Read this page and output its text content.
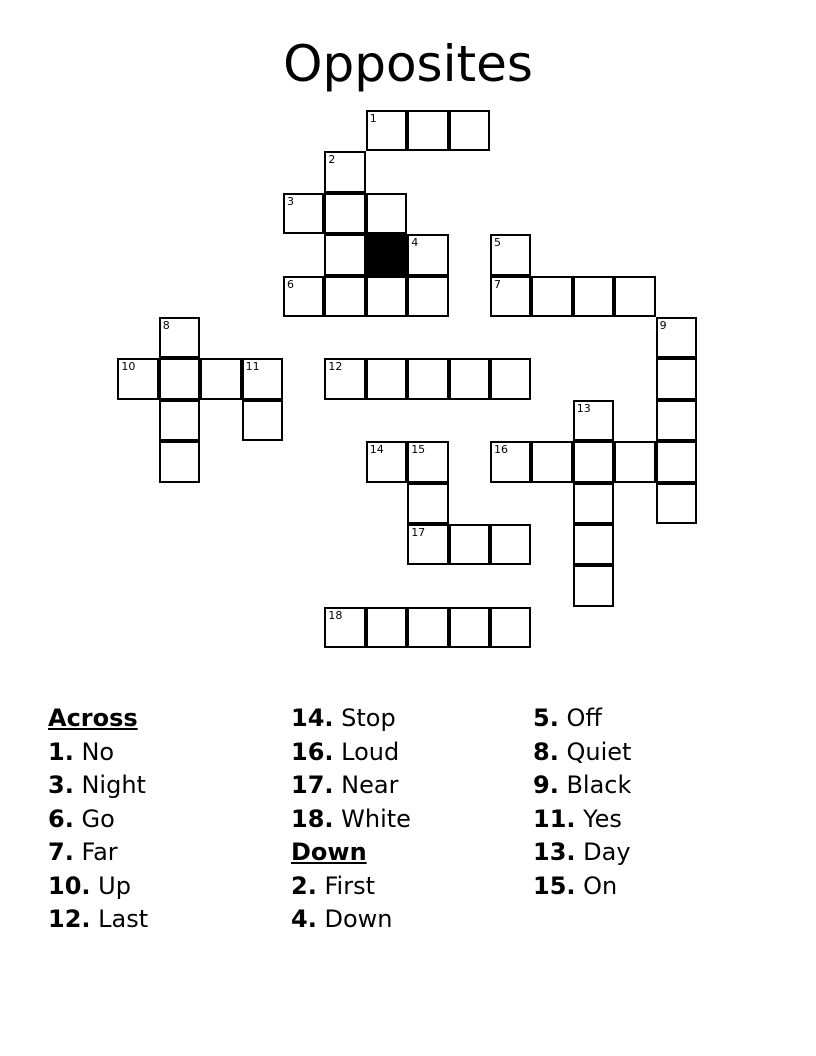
Opposites
1
2
3
4	5
6	7
8	9
10	11	12
13
14 15	16
17
18
Across
1. No
3. Night
6. Go
7. Far
10. Up
12. Last
14. Stop
16. Loud
17. Near
18. White
Down
2. First
4. Down
5. Off
8. Quiet
9. Black
11. Yes
13. Day
15. On
